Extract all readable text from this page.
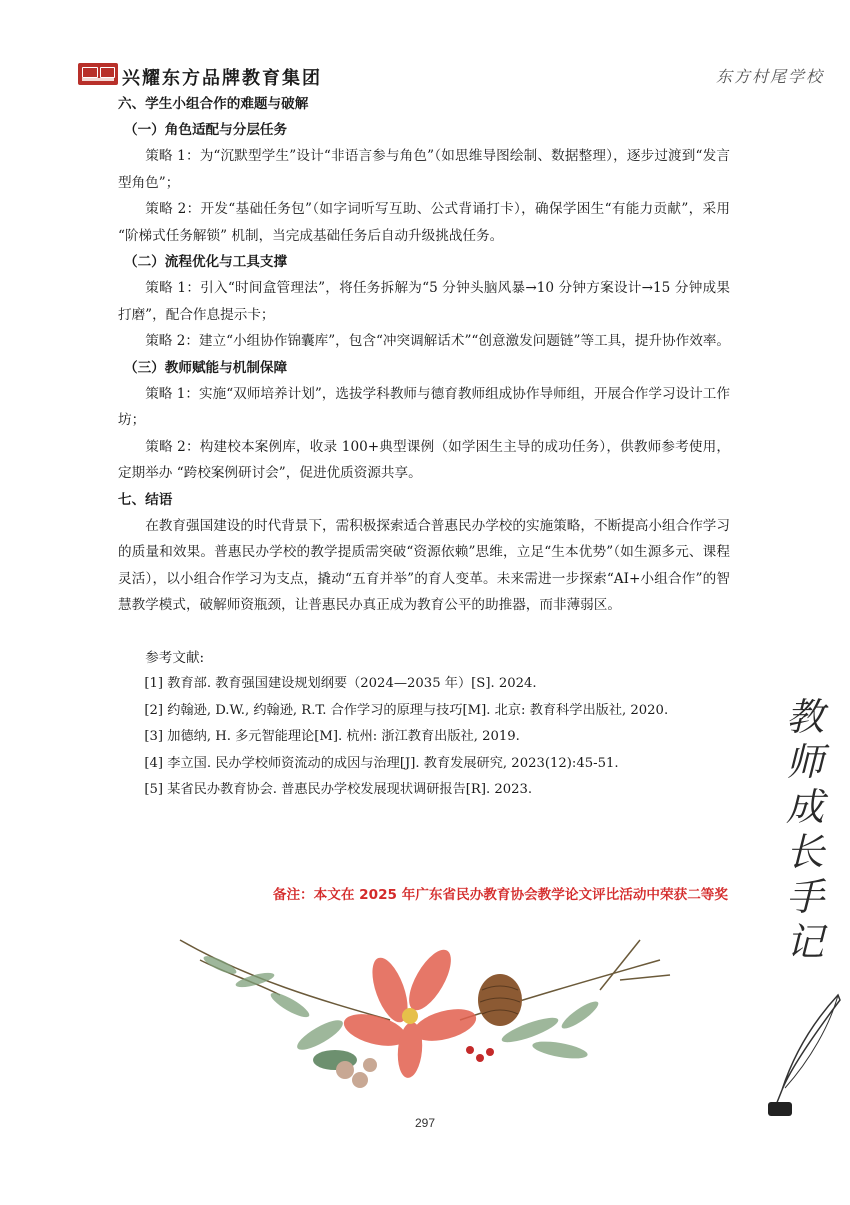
兴耀东方品牌教育集团	东方村尾学校
六、学生小组合作的难题与破解
（一）角色适配与分层任务

策略 1：为“沉默型学生”设计“非语言参与角色”（如思维导图绘制、数据整理），逐步过渡到“发言型角色”；

策略 2：开发“基础任务包”（如字词听写互助、公式背诵打卡），确保学困生“有能力贡献”，采用 “阶梯式任务解锁” 机制，当完成基础任务后自动升级挑战任务。

（二）流程优化与工具支撑

策略 1：引入“时间盒管理法”，将任务拆解为“5 分钟头脑风暴→10 分钟方案设计→15 分钟成果打磨”，配合作息提示卡；

策略 2：建立“小组协作锦囊库”，包含“冲突调解话术”“创意激发问题链”等工具，提升协作效率。

（三）教师赋能与机制保障

策略 1：实施“双师培养计划”，选拔学科教师与德育教师组成协作导师组，开展合作学习设计工作坊；

策略 2：构建校本案例库，收录 100+典型课例（如学困生主导的成功任务），供教师参考使用， 定期举办 “跨校案例研讨会”，促进优质资源共享。

七、结语

在教育强国建设的时代背景下，需积极探索适合普惠民办学校的实施策略，不断提高小组合作学习的质量和效果。普惠民办学校的教学提质需突破“资源依赖”思维，立足“生本优势”（如生源多元、课程灵活），以小组合作学习为支点，撬动“五育并举”的育人变革。未来需进一步探索“AI+小组合作”的智慧教学模式，破解师资瓶颈，让普惠民办真正成为教育公平的助推器，而非薄弱区。

参考文献:

[1] 教育部. 教育强国建设规划纲要（2024—2035 年）[S]. 2024.

[2] 约翰逊, D.W., 约翰逊, R.T. 合作学习的原理与技巧[M]. 北京: 教育科学出版社, 2020.

[3] 加德纳, H. 多元智能理论[M]. 杭州: 浙江教育出版社, 2019.

[4] 李立国. 民办学校师资流动的成因与治理[J]. 教育发展研究, 2023(12):45-51.

[5] 某省民办教育协会. 普惠民办学校发展现状调研报告[R]. 2023.

备注：本文在 2025 年广东省民办教育协会教学论文评比活动中荣获二等奖
297
教
师
成
长
手
记
